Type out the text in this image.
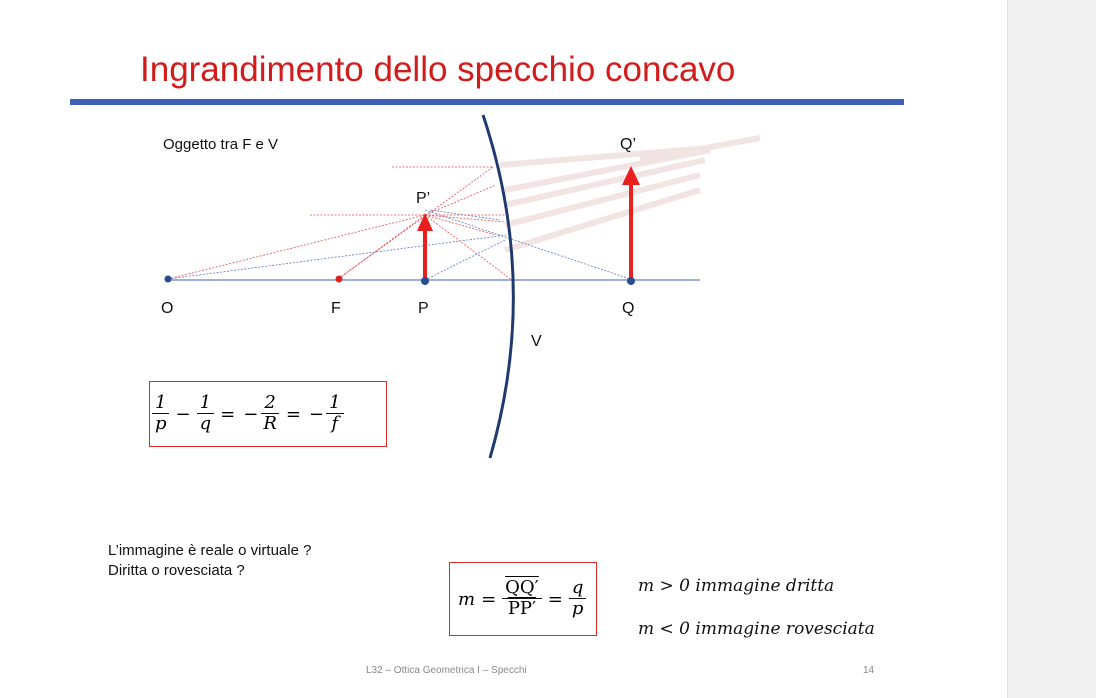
Ingrandimento dello specchio concavo
Oggetto tra F e V
O	F	P
P’
Q
Q’
V
$\frac{1}{p} - \frac{1}{q}$ = − $\frac{2}{R}$ = − $\frac{1}{f}$
L’immagine è reale o virtuale ?
Diritta o rovesciata ?
$m = \frac{QQ'}{PP'} = \frac{q}{p}$	m > 0 immagine dritta
m < 0 immagine rovesciata
L32 – Ottica Geometrica I – Specchi	14
